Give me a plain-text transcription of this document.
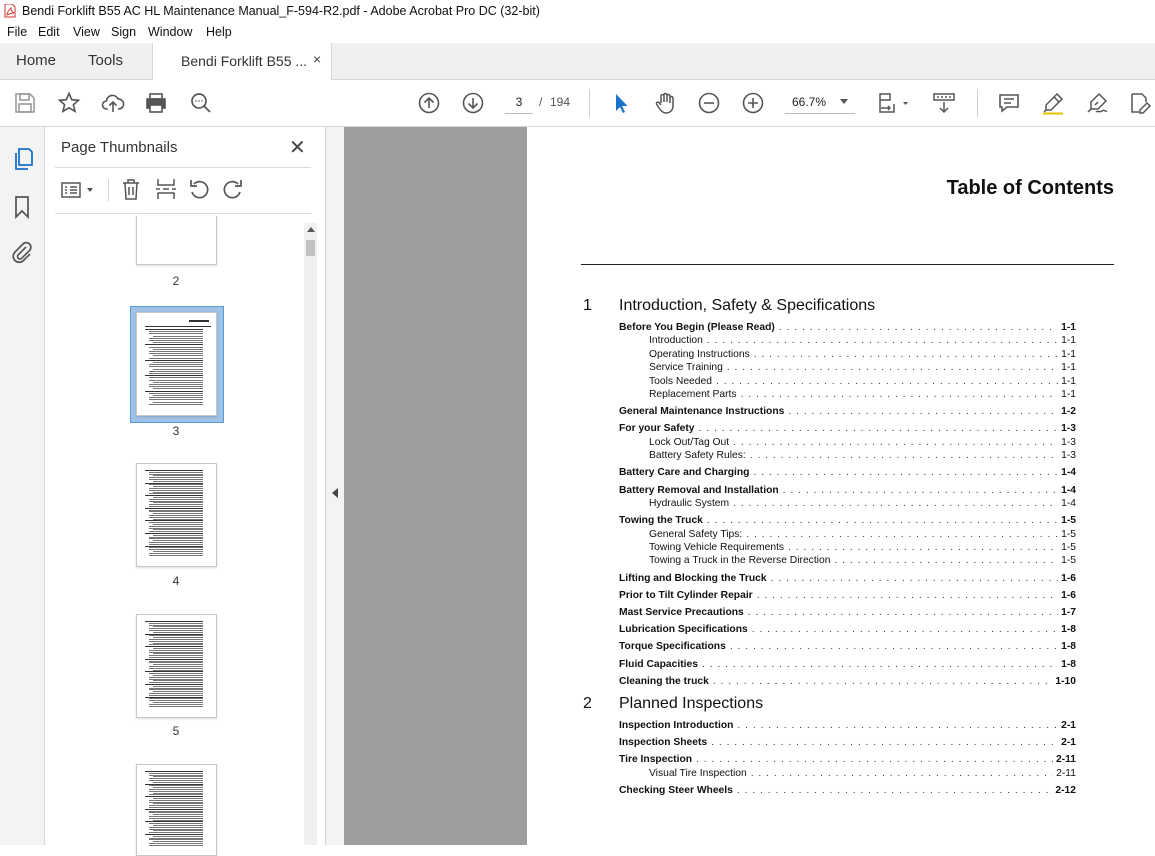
Bendi Forklift B55 AC HL Maintenance Manual_F-594-R2.pdf - Adobe Acrobat Pro DC (32-bit)
File Edit View Sign Window Help
Home Tools	Bendi Forklift B55 ... ×
3
/ 194	66.7%
Page Thumbnails	✕
2
3
4
5
Table of Contents
1 Introduction, Safety & Specifications
Before You Begin (Please Read) . . .	1-1
Introduction . . .	1-1
Operating Instructions . . .	1-1
Service Training . . .	1-1
Tools Needed . . .	1-1
Replacement Parts . . .	1-1
General Maintenance Instructions . . .	1-2
For your Safety . . .	1-3
Lock Out/Tag Out . . .	1-3
Battery Safety Rules: . . .	1-3
Battery Care and Charging . . .	1-4
Battery Removal and Installation . . .	1-4
Hydraulic System . . .	1-4
Towing the Truck . . .	1-5
General Safety Tips: . . .	1-5
Towing Vehicle Requirements . . .	1-5
Towing a Truck in the Reverse Direction . . .	1-5
Lifting and Blocking the Truck . . .	1-6
Prior to Tilt Cylinder Repair . . .	1-6
Mast Service Precautions . . .	1-7
Lubrication Specifications . . .	1-8
Torque Specifications . . .	1-8
Fluid Capacities . . .	1-8
Cleaning the truck . . .	1-10
2 Planned Inspections
Inspection Introduction . . .	2-1
Inspection Sheets . . .	2-1
Tire Inspection . . .	2-11
Visual Tire Inspection . . .	2-11
Checking Steer Wheels . . .	2-12
